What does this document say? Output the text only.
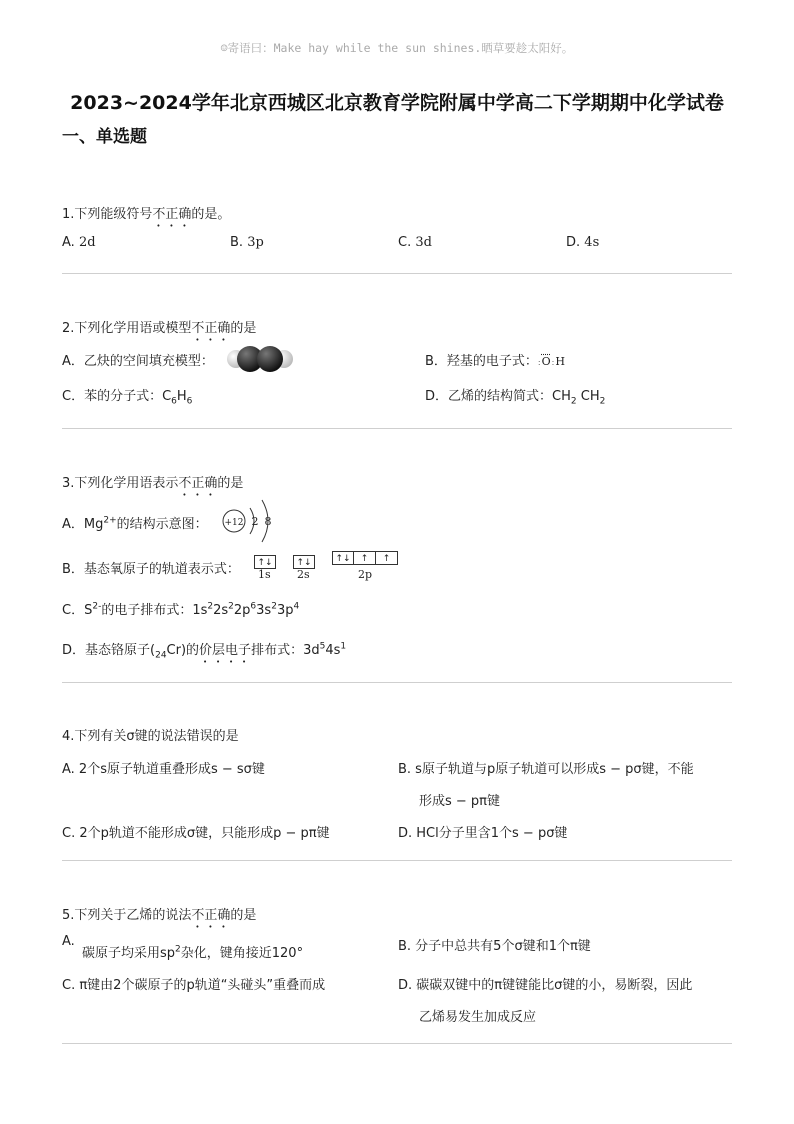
☺寄语曰：Make hay while the sun shines.晒草要趁太阳好。
2023~2024学年北京西城区北京教育学院附属中学高二下学期期中化学试卷
一、单选题
1.下列能级符号不正确的是。
A. 2d	B. 3p	C. 3d	D. 4s
2.下列化学用语或模型不正确的是
A．乙炔的空间填充模型：	B．羟基的电子式：:O:H
C．苯的分子式：$C_6H_6$	D．乙烯的结构简式：$CH_2$ $CH_2$
3.下列化学用语表示不正确的是
A．$Mg^{2+}$的结构示意图： +12 2 8
B．基态氧原子的轨道表示式：	↑↓	↑↓	↑↓	↑	↑
1s 2s	2p
C．$S^{2-}$的电子排布式：$1s^22s^22p^63s^23p^4$
D．基态铬原子$(_{24}Cr)$的价层电子排布式：$3d^54s^1$
4.下列有关σ键的说法错误的是
A. 2个s原子轨道重叠形成s − sσ键	B. s原子轨道与p原子轨道可以形成s − pσ键，不能
形成s − pπ键
C. 2个p轨道不能形成σ键，只能形成p − pπ键	D. HCl分子里含1个s − pσ键
5.下列关于乙烯的说法不正确的是
A.
碳原子均采用$sp^2$杂化，键角接近120°	B. 分子中总共有5个σ键和1个π键
C. π键由2个碳原子的p轨道“头碰头”重叠而成	D. 碳碳双键中的π键键能比σ键的小，易断裂，因此
乙烯易发生加成反应
